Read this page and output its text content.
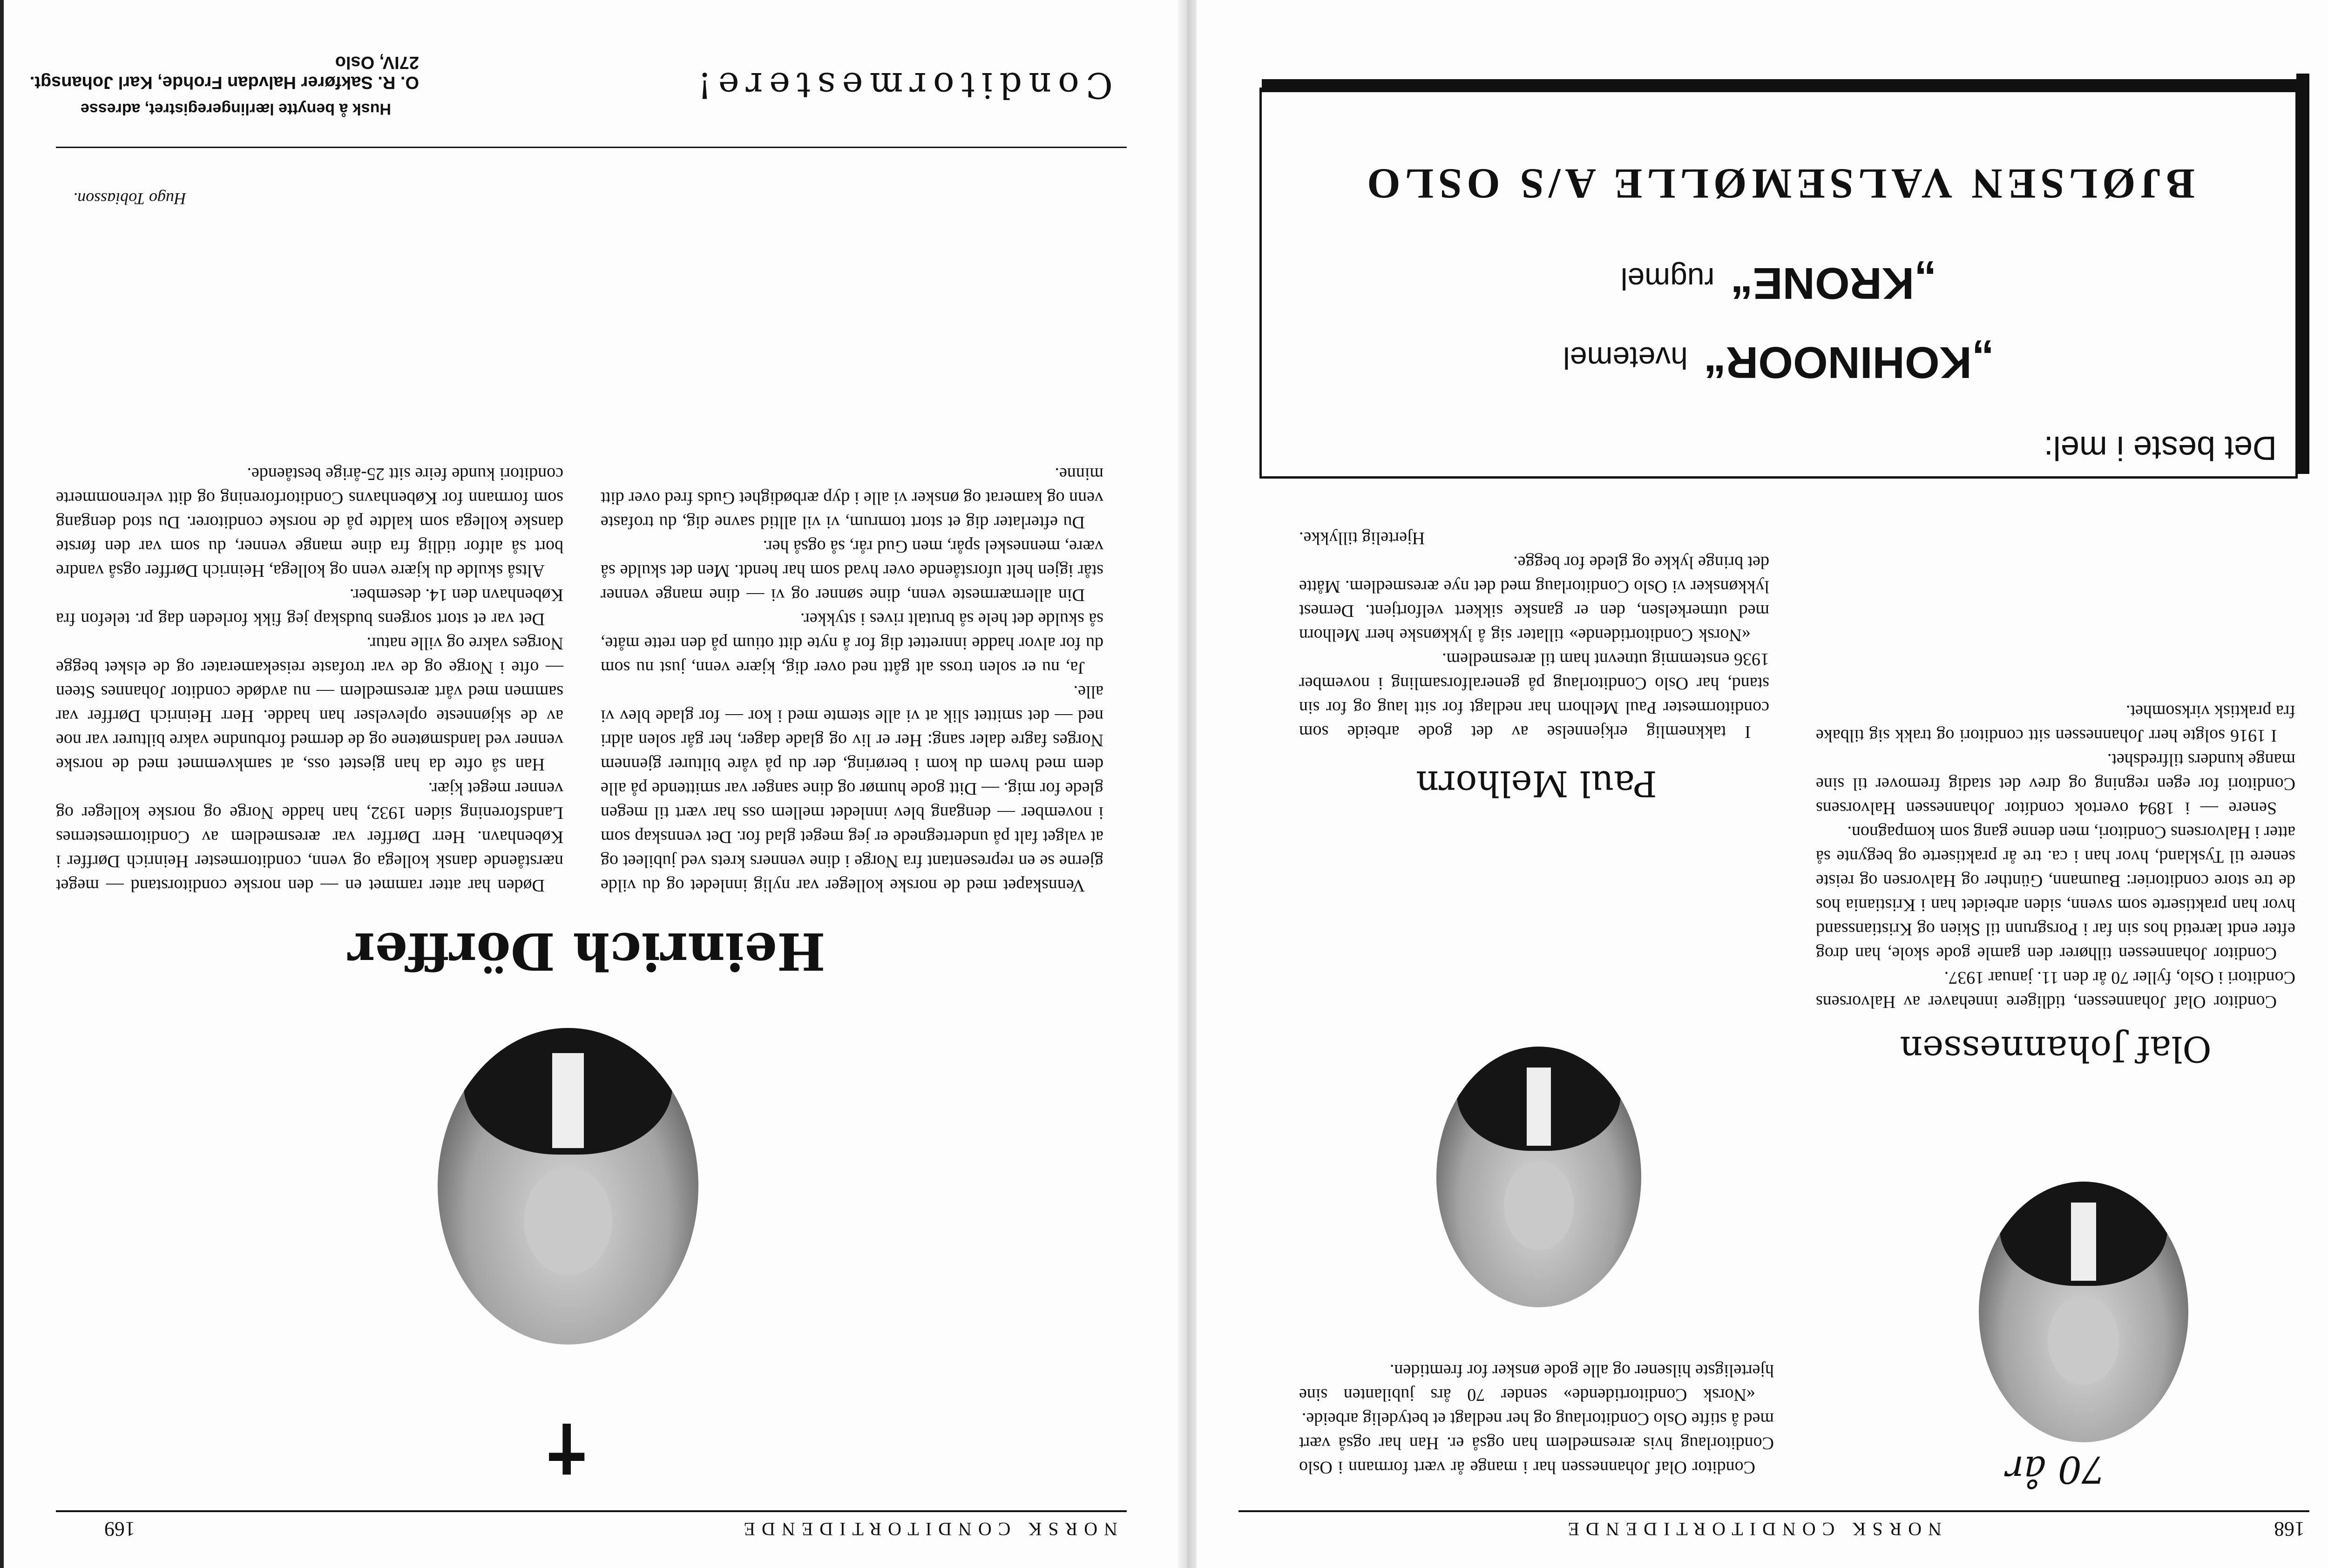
168
NORSK CONDITORTIDENDE
70 år
Olaf Johannessen

Conditor Olaf Johannessen, tidligere innehaver av Halvorsens Conditori i Oslo, fyller 70 år den 11. januar 1937.

Conditor Johannessen tilhører den gamle gode skole, han drog efter endt læretid hos sin far i Porsgrunn til Skien og Kristianssand hvor han praktiserte som svenn, siden arbeidet han i Kristiania hos de tre store conditorier: Baumann, Günther og Halvorsen og reiste senere til Tyskland, hvor han i ca. tre år praktiserte og begynte så atter i Halvorsens Conditori, men denne gang som kompagnon.

Senere — i 1894 overtok condítor Johannessen Halvorsens Conditori for egen regning og drev det stadig fremover til sine mange kunders tilfredshet.

I 1916 solgte herr Johannessen sitt conditori og trakk sig tilbake fra praktisk virksomhet.

Conditor Olaf Johannessen har i mange år vært formann i Oslo Conditorlaug hvis æresmedlem han også er. Han har også vært med å stifte Oslo Conditorlaug og her nedlagt et betydelig arbeide.

«Norsk Conditortidende» sender 70 års jubilanten sine hjerteligste hilsener og alle gode ønsker for fremtiden.

Paul Melhorn

I takknemlig erkjennelse av det gode arbeide som conditormester Paul Melhorn har nedlagt for sitt laug og for sin stand, har Oslo Conditorlaug på generalforsamling i november 1936 enstemmig utnevnt ham til æresmedlem.

«Norsk Conditortidende» tillater sig å lykkønske herr Melhorn med utmerkelsen, den er ganske sikkert velfortjent. Dernest lykkønsker vi Oslo Conditorlaug med det nye æresmedlem. Måtte det bringe lykke og glede for begge.

Hjertelig tillykke.

Det beste i mel:
„KOHINOOR“ hvetemel
„KRONE“ rugmel
BJØLSEN VALSEMØLLE A/S OSLO
NORSK CONDITORTIDENDE
169
✝
Heinrich Dörffer

Vennskapet med de norske kolleger var nylig innledet og du vilde gjerne se en representant fra Norge i dine venners krets ved jubileet og at valget falt på undertegnede er jeg meget glad for. Det vennskap som i november — dengang blev innledet mellem oss har vært til megen glede for mig. — Ditt gode humør og dine sanger var smittende på alle dem med hvem du kom i berøring, der du på våre bilturer gjennem Norges fagre daler sang: Her er liv og glade dager, her går solen aldri ned — det smittet slik at vi alle stemte med i kor — for glade blev vi alle.

Ja, nu er solen tross alt gått ned over dig, kjære venn, just nu som du for alvor hadde innrettet dig for å nyte ditt otium på den rette måte, så skulde det hele så brutalt rives i stykker.

Din allernærmeste venn, dine sønner og vi — dine mange venner står igjen helt uforstående over hvad som har hendt. Men det skulde så være, menneskel spår, men Gud rår, så også her.

Du efterlater dig et stort tomrum, vi vil alltid savne dig, du trofaste venn og kamerat og ønsker vi alle i dyp ærbødighet Guds fred over ditt minne.

Døden har atter rammet en — den norske conditorstand — meget nærstående dansk kollega og venn, conditormester Heinrich Dørffer i København. Herr Dørffer var æresmedlem av Conditormesternes Landsforening siden 1932, han hadde Norge og norske kolleger og venner meget kjær.

Han så ofte da han gjestet oss, at samkvemmet med de norske venner ved landsmøtene og de dermed forbundne vakre bilturer var noe av de skjønneste oplevelser han hadde. Herr Heinrich Dørffer var sammen med vårt æresmedlem — nu avdøde conditor Johannes Steen — ofte i Norge og de var trofaste reisekamerater og de elsket begge Norges vakre og ville natur.

Det var et stort sorgens budskap jeg fikk forleden dag pr. telefon fra København den 14. desember.

Altså skulde du kjære venn og kollega, Heinrich Dørffer også vandre bort så altfor tidlig fra dine mange venner, du som var den første danske kollega som kaldte på de norske conditorer. Du stod dengang som formann for Københavns Conditorforening og ditt velrenommerte conditori kunde feire sitt 25-årige bestående.

Hugo Tobiasson.
Conditormestere!
Husk å benytte lærlingeregistret, adresse
O. R. Sakfører Halvdan Frohde, Karl Johansgt. 27IV, Oslo
